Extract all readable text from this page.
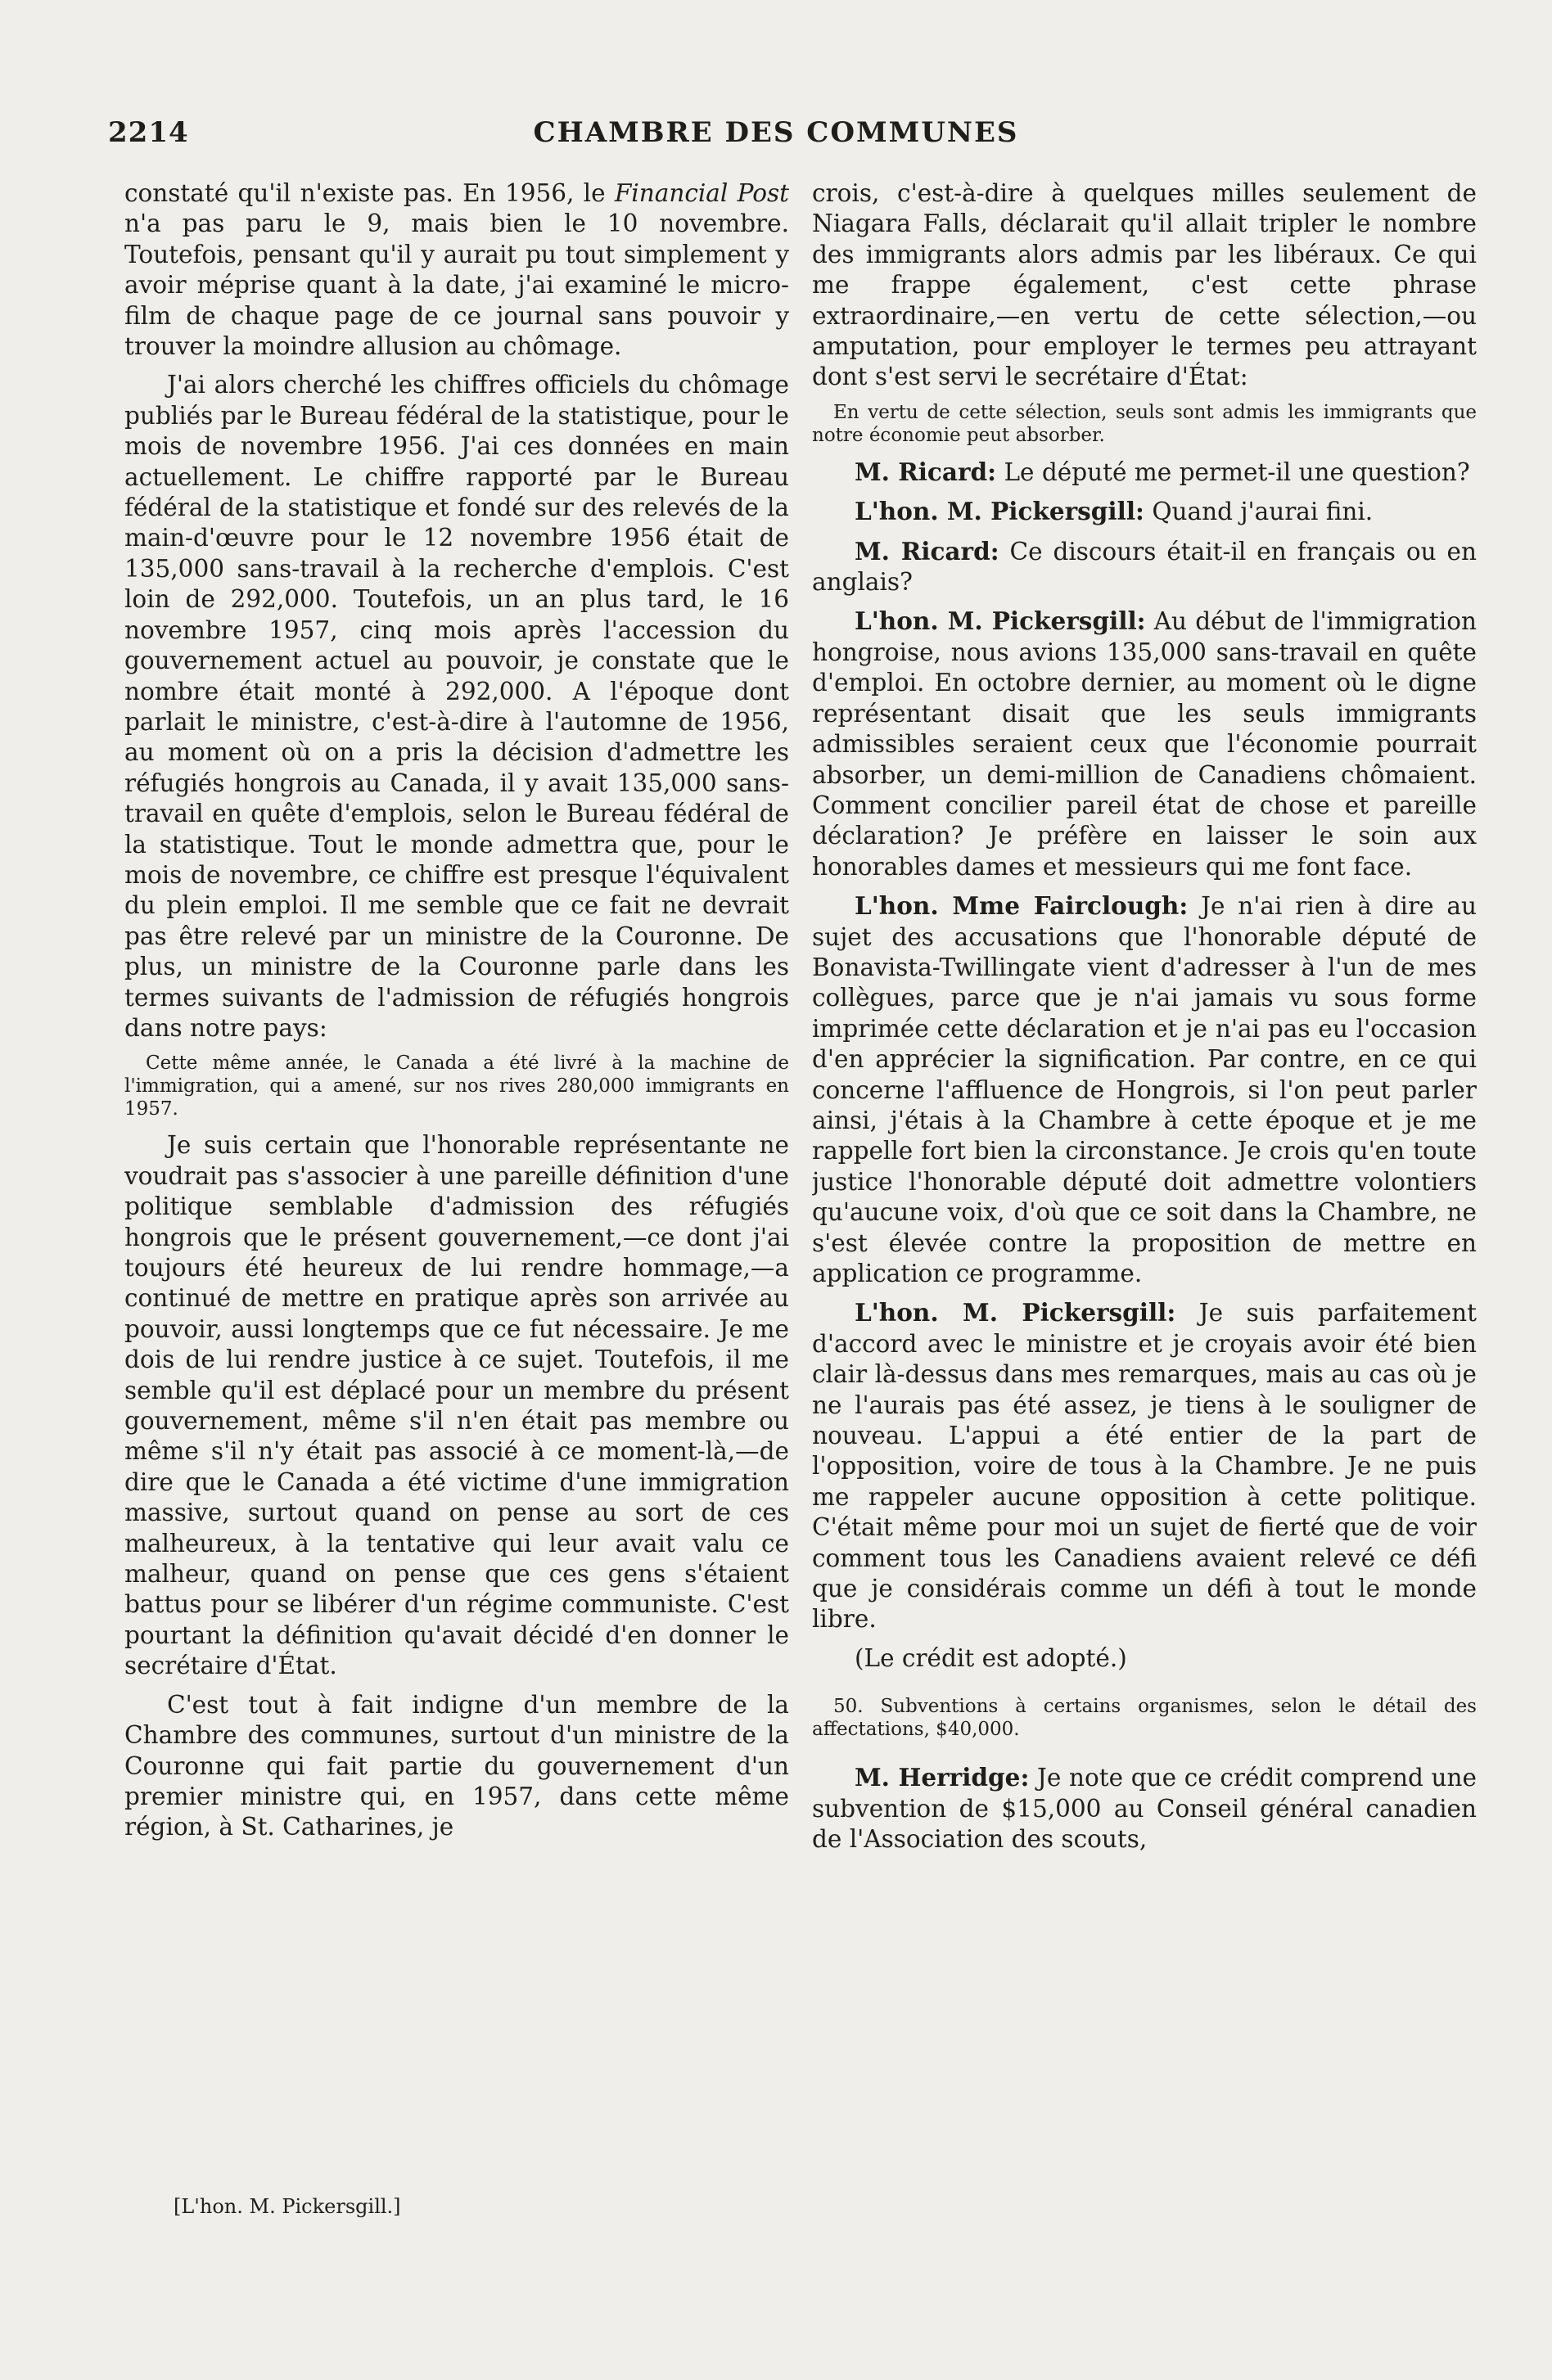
2214	CHAMBRE DES COMMUNES

constaté qu'il n'existe pas. En 1956, le Financial Post n'a pas paru le 9, mais bien le 10 novembre. Toutefois, pensant qu'il y aurait pu tout simplement y avoir méprise quant à la date, j'ai examiné le micro-film de chaque page de ce journal sans pouvoir y trouver la moindre allusion au chômage.

J'ai alors cherché les chiffres officiels du chômage publiés par le Bureau fédéral de la statistique, pour le mois de novembre 1956. J'ai ces données en main actuellement. Le chiffre rapporté par le Bureau fédéral de la statistique et fondé sur des relevés de la main-d'œuvre pour le 12 novembre 1956 était de 135,000 sans-travail à la recherche d'emplois. C'est loin de 292,000. Toutefois, un an plus tard, le 16 novembre 1957, cinq mois après l'accession du gouvernement actuel au pouvoir, je constate que le nombre était monté à 292,000. A l'époque dont parlait le ministre, c'est-à-dire à l'automne de 1956, au moment où on a pris la décision d'admettre les réfugiés hongrois au Canada, il y avait 135,000 sans-travail en quête d'emplois, selon le Bureau fédéral de la statistique. Tout le monde admettra que, pour le mois de novembre, ce chiffre est presque l'équivalent du plein emploi. Il me semble que ce fait ne devrait pas être relevé par un ministre de la Couronne. De plus, un ministre de la Couronne parle dans les termes suivants de l'admission de réfugiés hongrois dans notre pays:

Cette même année, le Canada a été livré à la machine de l'immigration, qui a amené, sur nos rives 280,000 immigrants en 1957.

Je suis certain que l'honorable représentante ne voudrait pas s'associer à une pareille définition d'une politique semblable d'admission des réfugiés hongrois que le présent gouvernement,—ce dont j'ai toujours été heureux de lui rendre hommage,—a continué de mettre en pratique après son arrivée au pouvoir, aussi longtemps que ce fut nécessaire. Je me dois de lui rendre justice à ce sujet. Toutefois, il me semble qu'il est déplacé pour un membre du présent gouvernement, même s'il n'en était pas membre ou même s'il n'y était pas associé à ce moment-là,—de dire que le Canada a été victime d'une immigration massive, surtout quand on pense au sort de ces malheureux, à la tentative qui leur avait valu ce malheur, quand on pense que ces gens s'étaient battus pour se libérer d'un régime communiste. C'est pourtant la définition qu'avait décidé d'en donner le secrétaire d'État.

C'est tout à fait indigne d'un membre de la Chambre des communes, surtout d'un ministre de la Couronne qui fait partie du gouvernement d'un premier ministre qui, en 1957, dans cette même région, à St. Catharines, je

crois, c'est-à-dire à quelques milles seulement de Niagara Falls, déclarait qu'il allait tripler le nombre des immigrants alors admis par les libéraux. Ce qui me frappe également, c'est cette phrase extraordinaire,—en vertu de cette sélection,—ou amputation, pour employer le termes peu attrayant dont s'est servi le secrétaire d'État:

En vertu de cette sélection, seuls sont admis les immigrants que notre économie peut absorber.

M. Ricard: Le député me permet-il une question?

L'hon. M. Pickersgill: Quand j'aurai fini.

M. Ricard: Ce discours était-il en français ou en anglais?

L'hon. M. Pickersgill: Au début de l'immigration hongroise, nous avions 135,000 sans-travail en quête d'emploi. En octobre dernier, au moment où le digne représentant disait que les seuls immigrants admissibles seraient ceux que l'économie pourrait absorber, un demi-million de Canadiens chômaient. Comment concilier pareil état de chose et pareille déclaration? Je préfère en laisser le soin aux honorables dames et messieurs qui me font face.

L'hon. Mme Fairclough: Je n'ai rien à dire au sujet des accusations que l'honorable député de Bonavista-Twillingate vient d'adresser à l'un de mes collègues, parce que je n'ai jamais vu sous forme imprimée cette déclaration et je n'ai pas eu l'occasion d'en apprécier la signification. Par contre, en ce qui concerne l'affluence de Hongrois, si l'on peut parler ainsi, j'étais à la Chambre à cette époque et je me rappelle fort bien la circonstance. Je crois qu'en toute justice l'honorable député doit admettre volontiers qu'aucune voix, d'où que ce soit dans la Chambre, ne s'est élevée contre la proposition de mettre en application ce programme.

L'hon. M. Pickersgill: Je suis parfaitement d'accord avec le ministre et je croyais avoir été bien clair là-dessus dans mes remarques, mais au cas où je ne l'aurais pas été assez, je tiens à le souligner de nouveau. L'appui a été entier de la part de l'opposition, voire de tous à la Chambre. Je ne puis me rappeler aucune opposition à cette politique. C'était même pour moi un sujet de fierté que de voir comment tous les Canadiens avaient relevé ce défi que je considérais comme un défi à tout le monde libre.

(Le crédit est adopté.)

50. Subventions à certains organismes, selon le détail des affectations, $40,000.

M. Herridge: Je note que ce crédit comprend une subvention de $15,000 au Conseil général canadien de l'Association des scouts,

[L'hon. M. Pickersgill.]
